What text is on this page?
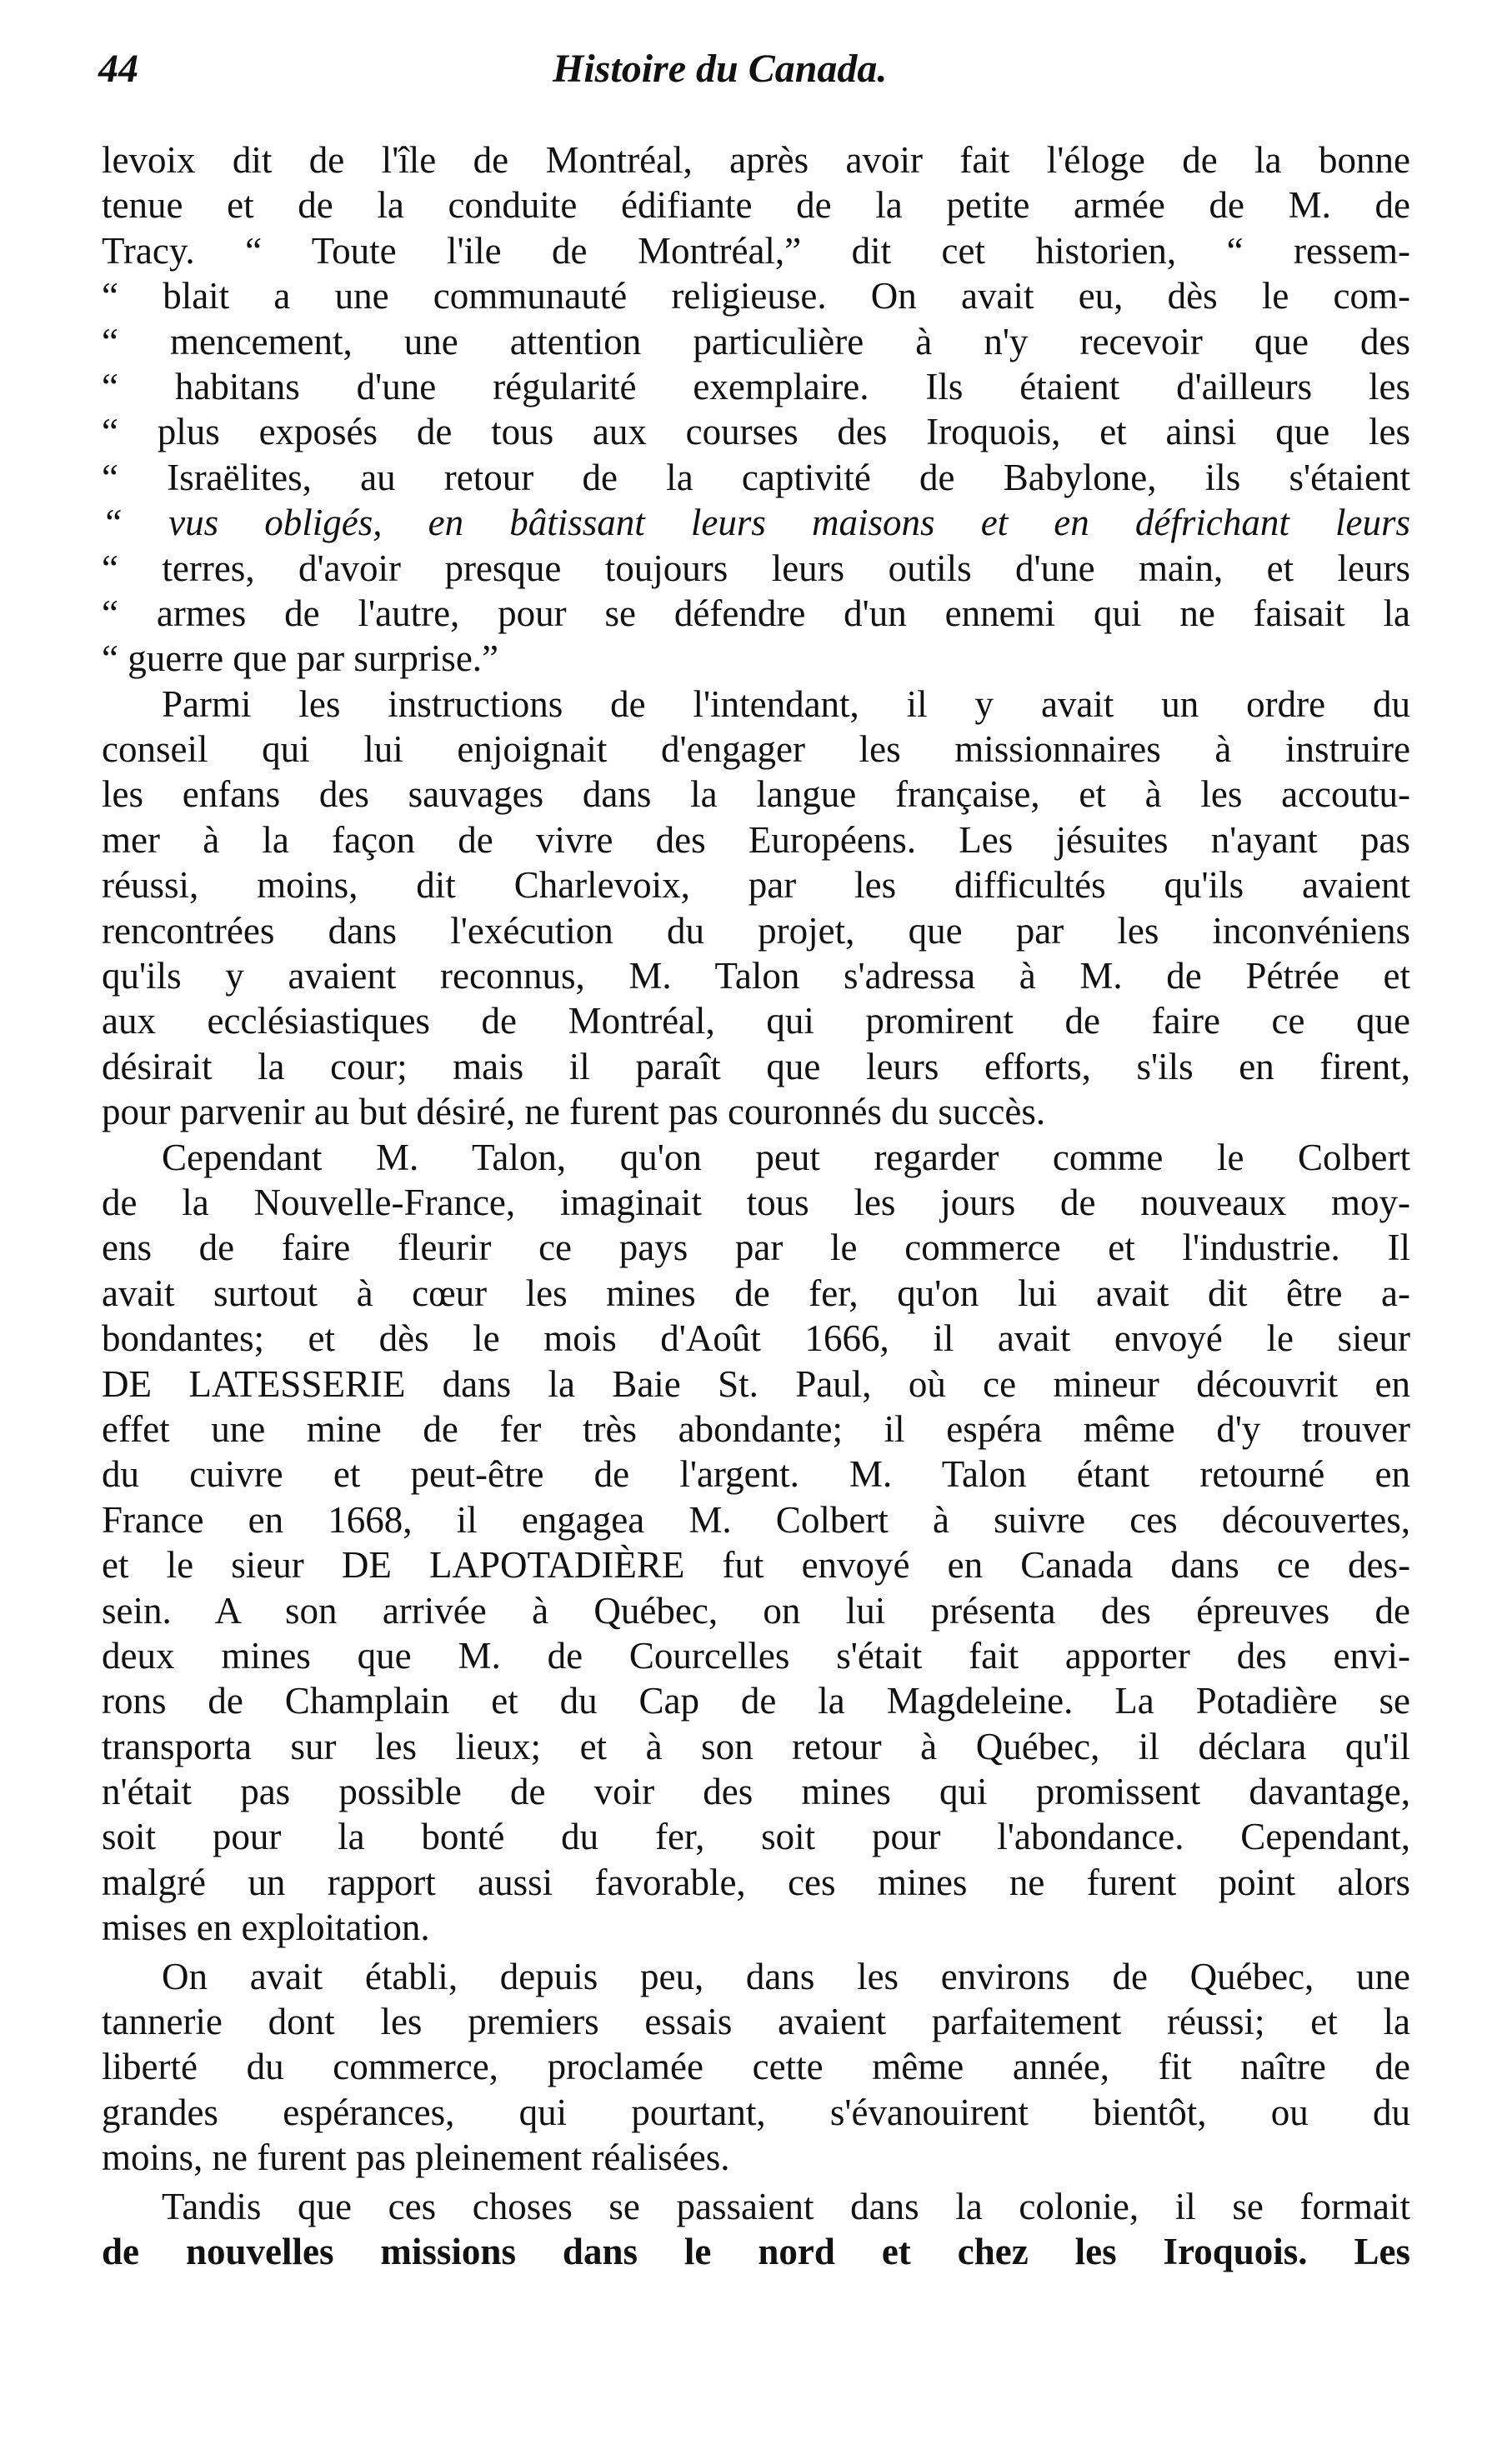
44	Histoire du Canada.
levoix dit de l'île de Montréal, après avoir fait l'éloge de la bonne
tenue et de la conduite édifiante de la petite armée de M. de
Tracy. “ Toute l'ile de Montréal,” dit cet historien, “ ressem-
“ blait a une communauté religieuse. On avait eu, dès le com-
“ mencement, une attention particulière à n'y recevoir que des
“ habitans d'une régularité exemplaire. Ils étaient d'ailleurs les
“ plus exposés de tous aux courses des Iroquois, et ainsi que les
“ Israëlites, au retour de la captivité de Babylone, ils s'étaient
“ vus obligés, en bâtissant leurs maisons et en défrichant leurs
“ terres, d'avoir presque toujours leurs outils d'une main, et leurs
“ armes de l'autre, pour se défendre d'un ennemi qui ne faisait la
“ guerre que par surprise.”
Parmi les instructions de l'intendant, il y avait un ordre du
conseil qui lui enjoignait d'engager les missionnaires à instruire
les enfans des sauvages dans la langue française, et à les accoutu-
mer à la façon de vivre des Européens. Les jésuites n'ayant pas
réussi, moins, dit Charlevoix, par les difficultés qu'ils avaient
rencontrées dans l'exécution du projet, que par les inconvéniens
qu'ils y avaient reconnus, M. Talon s'adressa à M. de Pétrée et
aux ecclésiastiques de Montréal, qui promirent de faire ce que
désirait la cour; mais il paraît que leurs efforts, s'ils en firent,
pour parvenir au but désiré, ne furent pas couronnés du succès.
Cependant M. Talon, qu'on peut regarder comme le Colbert
de la Nouvelle-France, imaginait tous les jours de nouveaux moy-
ens de faire fleurir ce pays par le commerce et l'industrie. Il
avait surtout à cœur les mines de fer, qu'on lui avait dit être a-
bondantes; et dès le mois d'Août 1666, il avait envoyé le sieur
DE LATESSERIE dans la Baie St. Paul, où ce mineur découvrit en
effet une mine de fer très abondante; il espéra même d'y trouver
du cuivre et peut-être de l'argent. M. Talon étant retourné en
France en 1668, il engagea M. Colbert à suivre ces découvertes,
et le sieur DE LAPOTADIÈRE fut envoyé en Canada dans ce des-
sein. A son arrivée à Québec, on lui présenta des épreuves de
deux mines que M. de Courcelles s'était fait apporter des envi-
rons de Champlain et du Cap de la Magdeleine. La Potadière se
transporta sur les lieux; et à son retour à Québec, il déclara qu'il
n'était pas possible de voir des mines qui promissent davantage,
soit pour la bonté du fer, soit pour l'abondance. Cependant,
malgré un rapport aussi favorable, ces mines ne furent point alors
mises en exploitation.
On avait établi, depuis peu, dans les environs de Québec, une
tannerie dont les premiers essais avaient parfaitement réussi; et la
liberté du commerce, proclamée cette même année, fit naître de
grandes espérances, qui pourtant, s'évanouirent bientôt, ou du
moins, ne furent pas pleinement réalisées.
Tandis que ces choses se passaient dans la colonie, il se formait
de nouvelles missions dans le nord et chez les Iroquois. Les
